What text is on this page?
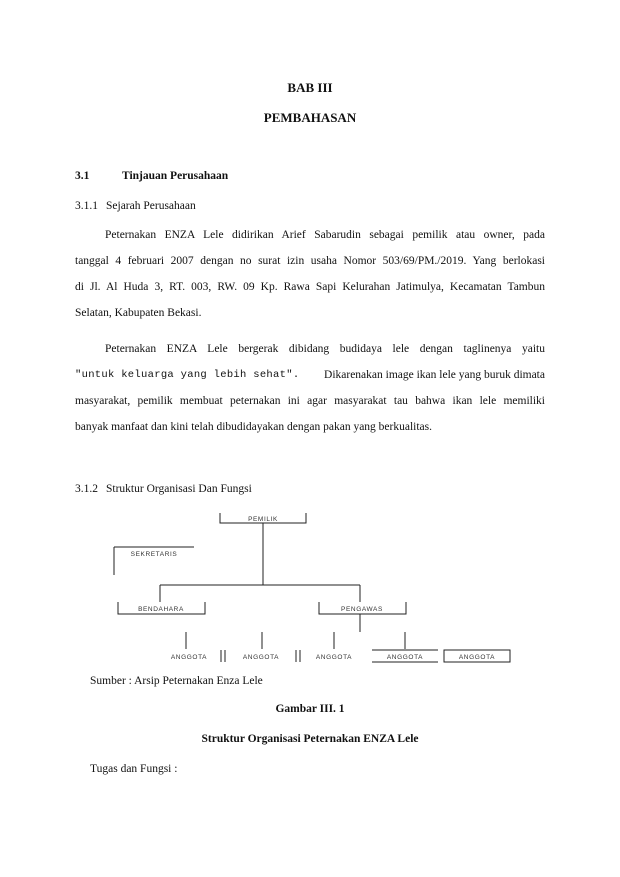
BAB III
PEMBAHASAN
3.1	Tinjauan Perusahaan
3.1.1 Sejarah Perusahaan
Peternakan ENZA Lele didirikan Arief Sabarudin sebagai pemilik atau owner, pada
tanggal 4 februari 2007 dengan no surat izin usaha Nomor 503/69/PM./2019. Yang berlokasi
di Jl. Al Huda 3, RT. 003, RW. 09 Kp. Rawa Sapi Kelurahan Jatimulya, Kecamatan Tambun
Selatan, Kabupaten Bekasi.
Peternakan ENZA Lele bergerak dibidang budidaya lele dengan taglinenya yaitu
"untuk keluarga yang lebih sehat". Dikarenakan image ikan lele yang buruk dimata
masyarakat, pemilik membuat peternakan ini agar masyarakat tau bahwa ikan lele memiliki
banyak manfaat dan kini telah dibudidayakan dengan pakan yang berkualitas.
3.1.2 Struktur Organisasi Dan Fungsi
PEMILIK
SEKRETARIS
BENDAHARA	PENGAWAS
ANGGOTA	ANGGOTA	ANGGOTA	ANGGOTA	ANGGOTA
Sumber : Arsip Peternakan Enza Lele
Gambar III. 1
Struktur Organisasi Peternakan ENZA Lele
Tugas dan Fungsi :
